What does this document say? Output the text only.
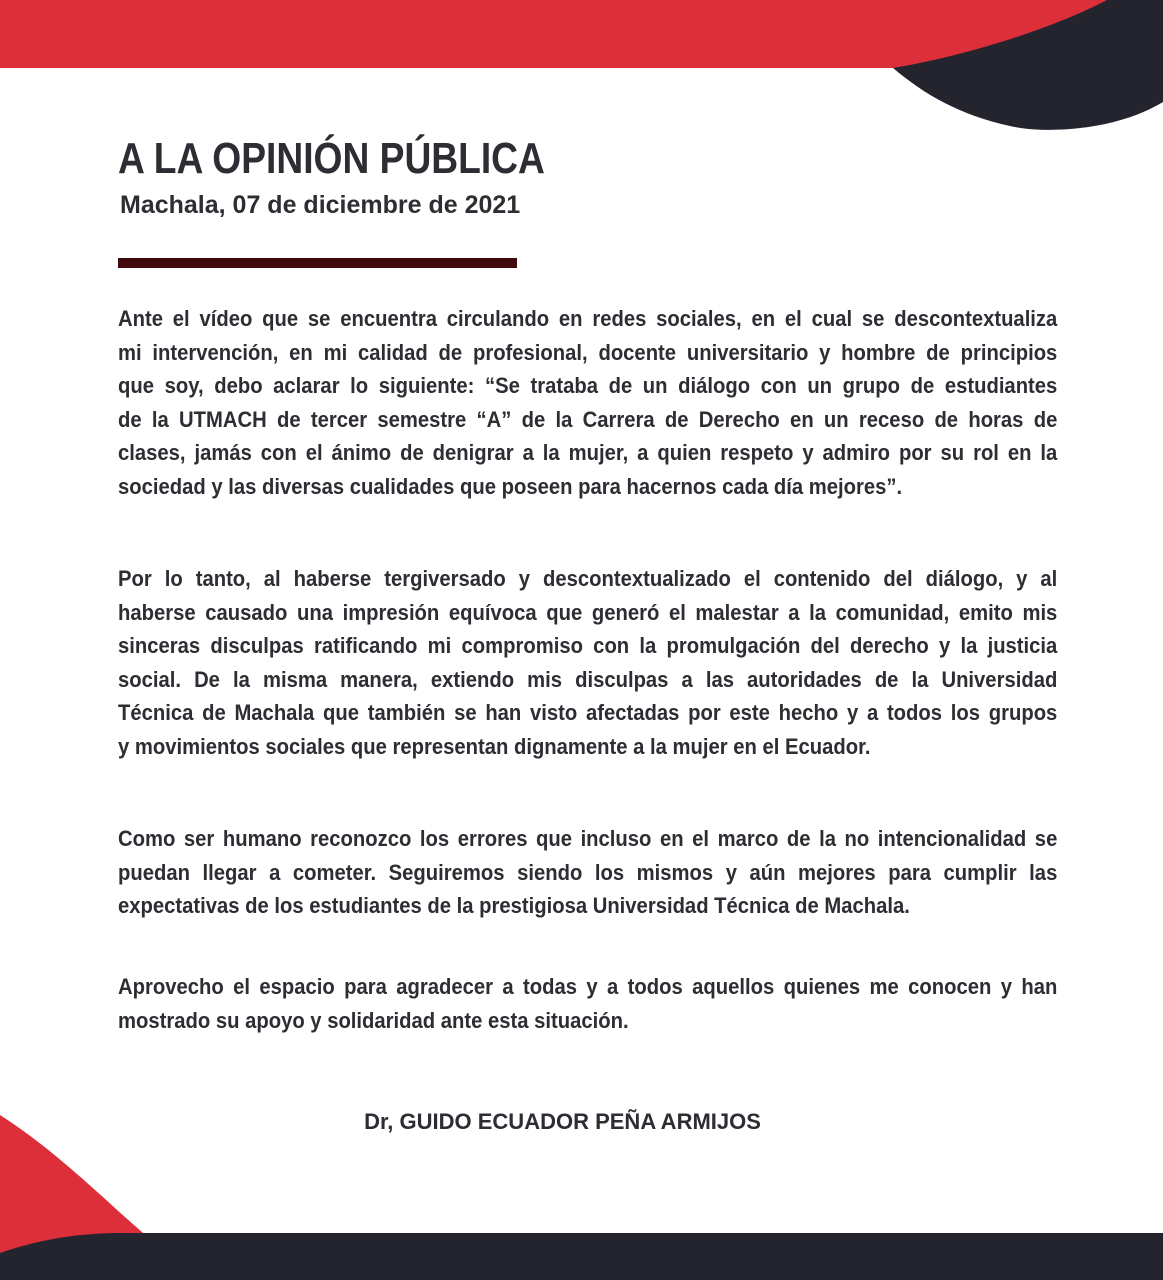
A LA OPINIÓN PÚBLICA
Machala, 07 de diciembre de 2021
Ante el vídeo que se encuentra circulando en redes sociales, en el cual se descontextualiza
mi intervención, en mi calidad de profesional, docente universitario y hombre de principios
que soy, debo aclarar lo siguiente: “Se trataba de un diálogo con un grupo de estudiantes
de la UTMACH de tercer semestre “A” de la Carrera de Derecho en un receso de horas de
clases, jamás con el ánimo de denigrar a la mujer, a quien respeto y admiro por su rol en la
sociedad y las diversas cualidades que poseen para hacernos cada día mejores”.
Por lo tanto, al haberse tergiversado y descontextualizado el contenido del diálogo, y al
haberse causado una impresión equívoca que generó el malestar a la comunidad, emito mis
sinceras disculpas ratificando mi compromiso con la promulgación del derecho y la justicia
social. De la misma manera, extiendo mis disculpas a las autoridades de la Universidad
Técnica de Machala que también se han visto afectadas por este hecho y a todos los grupos
y movimientos sociales que representan dignamente a la mujer en el Ecuador.
Como ser humano reconozco los errores que incluso en el marco de la no intencionalidad se
puedan llegar a cometer. Seguiremos siendo los mismos y aún mejores para cumplir las
expectativas de los estudiantes de la prestigiosa Universidad Técnica de Machala.
Aprovecho el espacio para agradecer a todas y a todos aquellos quienes me conocen y han
mostrado su apoyo y solidaridad ante esta situación.
Dr, GUIDO ECUADOR PEÑA ARMIJOS
